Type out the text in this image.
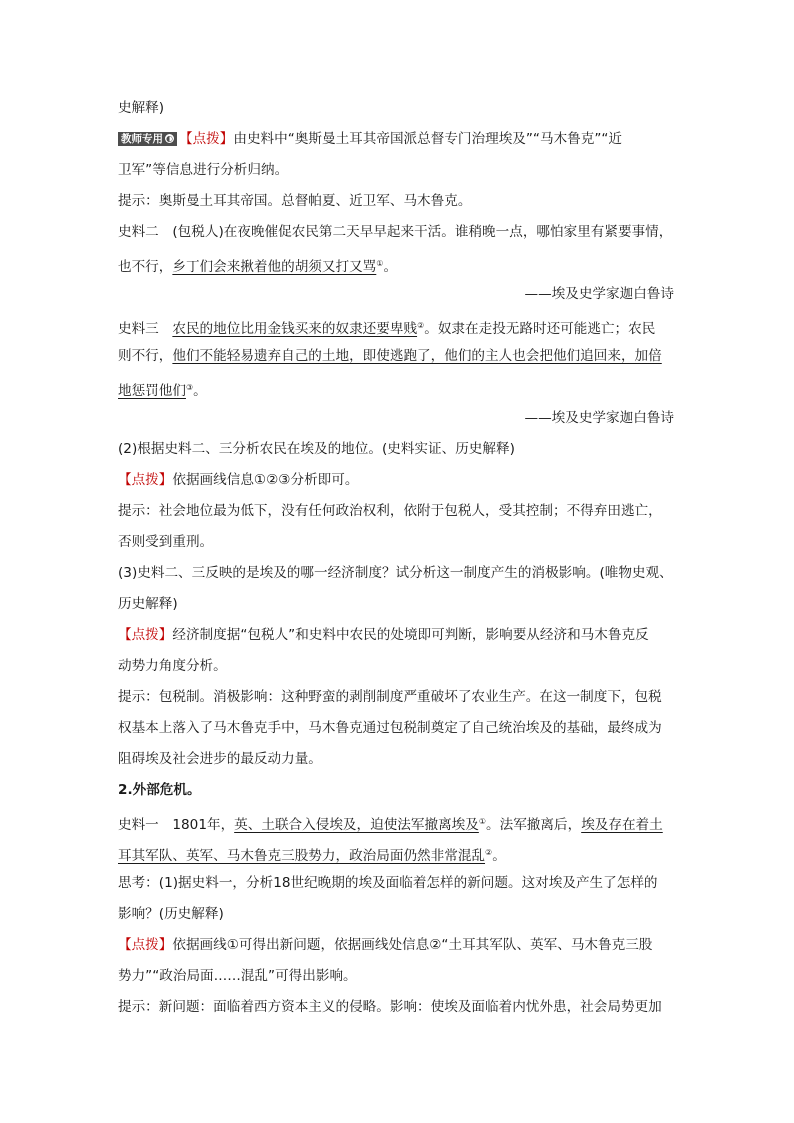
史解释)
教师专用 ◐ 【点拨】由史料中“奥斯曼土耳其帝国派总督专门治理埃及”“马木鲁克”“近
卫军”等信息进行分析归纳。
提示：奥斯曼土耳其帝国。总督帕夏、近卫军、马木鲁克。
史料二　(包税人)在夜晚催促农民第二天早早起来干活。谁稍晚一点，哪怕家里有紧要事情，
也不行，乡丁们会来揪着他的胡须又打又骂①。
——埃及史学家迦白鲁诗
史料三　农民的地位比用金钱买来的奴隶还要卑贱②。奴隶在走投无路时还可能逃亡；农民
则不行，他们不能轻易遗弃自己的土地，即使逃跑了，他们的主人也会把他们追回来，加倍
地惩罚他们③。
——埃及史学家迦白鲁诗
(2)根据史料二、三分析农民在埃及的地位。(史料实证、历史解释)
【点拨】依据画线信息①②③分析即可。
提示：社会地位最为低下，没有任何政治权利，依附于包税人，受其控制；不得弃田逃亡，
否则受到重刑。
(3)史料二、三反映的是埃及的哪一经济制度？试分析这一制度产生的消极影响。(唯物史观、
历史解释)
【点拨】经济制度据“包税人”和史料中农民的处境即可判断，影响要从经济和马木鲁克反
动势力角度分析。
提示：包税制。消极影响：这种野蛮的剥削制度严重破坏了农业生产。在这一制度下，包税
权基本上落入了马木鲁克手中，马木鲁克通过包税制奠定了自己统治埃及的基础，最终成为
阻碍埃及社会进步的最反动力量。
2.外部危机。
史料一　1801年，英、土联合入侵埃及，迫使法军撤离埃及①。法军撤离后，埃及存在着土
耳其军队、英军、马木鲁克三股势力，政治局面仍然非常混乱②。
思考：(1)据史料一，分析18世纪晚期的埃及面临着怎样的新问题。这对埃及产生了怎样的
影响？(历史解释)
【点拨】依据画线①可得出新问题，依据画线处信息②“土耳其军队、英军、马木鲁克三股
势力”“政治局面……混乱”可得出影响。
提示：新问题：面临着西方资本主义的侵略。影响：使埃及面临着内忧外患，社会局势更加
